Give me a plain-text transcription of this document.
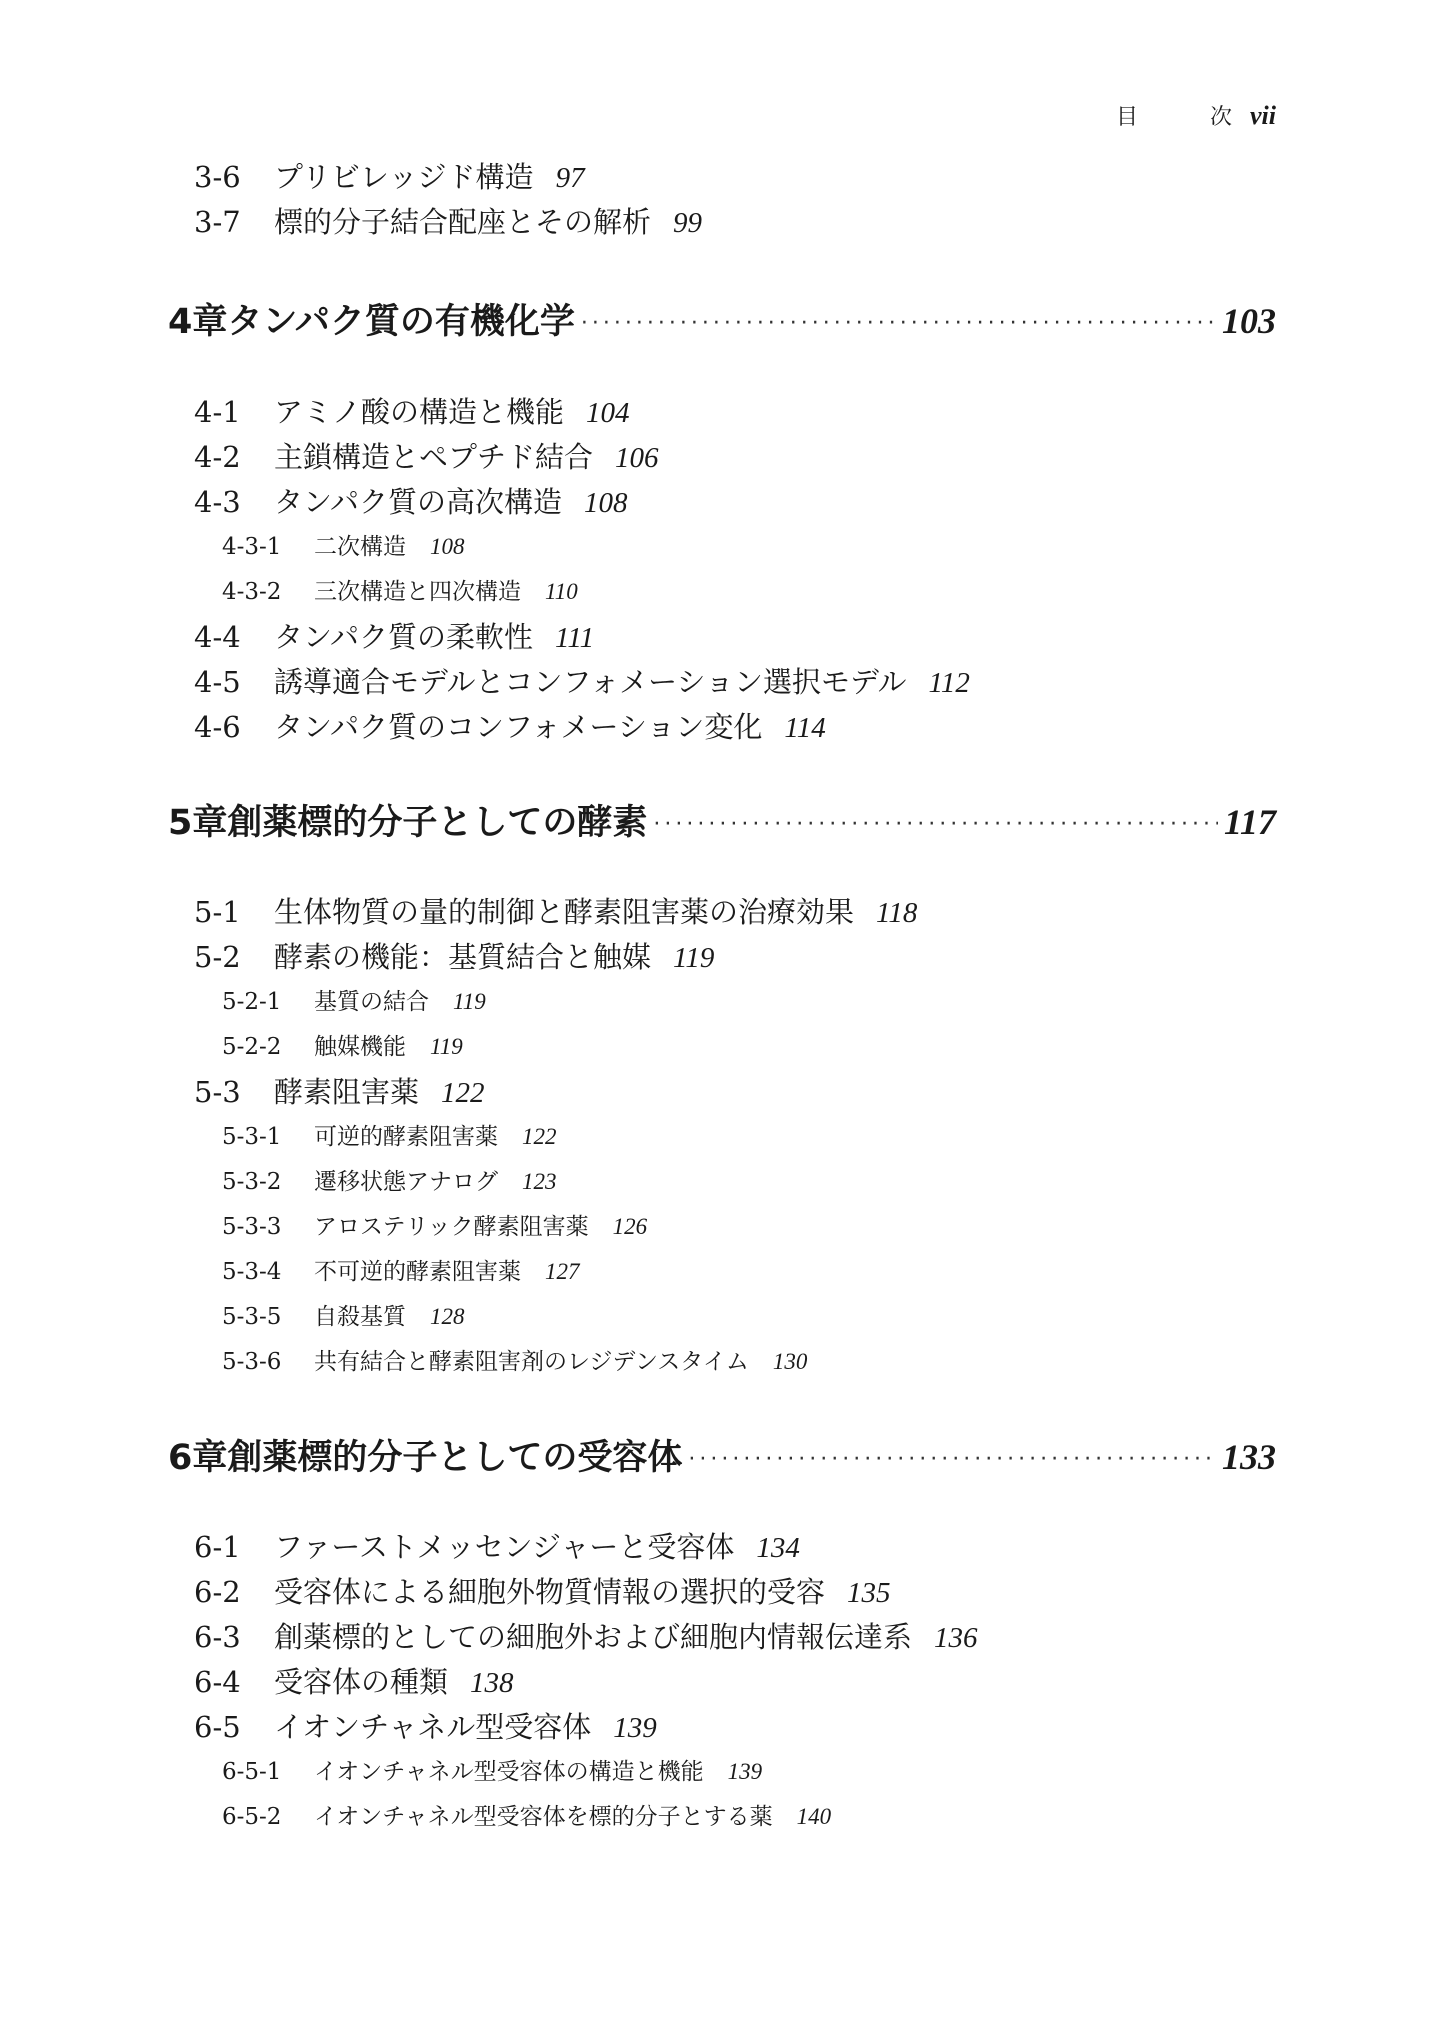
目	次 vii
3-6	プリビレッジド構造 97
3-7	標的分子結合配座とその解析 99
4章 タンパク質の有機化学 ·····	103
4-1	アミノ酸の構造と機能 104
4-2	主鎖構造とペプチド結合 106
4-3	タンパク質の高次構造 108
4-3-1	二次構造 108
4-3-2	三次構造と四次構造 110
4-4	タンパク質の柔軟性 111
4-5	誘導適合モデルとコンフォメーション選択モデル 112
4-6	タンパク質のコンフォメーション変化 114
5章 創薬標的分子としての酵素 ·····	117
5-1	生体物質の量的制御と酵素阻害薬の治療効果 118
5-2	酵素の機能：基質結合と触媒 119
5-2-1	基質の結合 119
5-2-2	触媒機能 119
5-3	酵素阻害薬 122
5-3-1	可逆的酵素阻害薬 122
5-3-2	遷移状態アナログ 123
5-3-3	アロステリック酵素阻害薬 126
5-3-4	不可逆的酵素阻害薬 127
5-3-5	自殺基質 128
5-3-6	共有結合と酵素阻害剤のレジデンスタイム 130
6章 創薬標的分子としての受容体 ·····	133
6-1	ファーストメッセンジャーと受容体 134
6-2	受容体による細胞外物質情報の選択的受容 135
6-3	創薬標的としての細胞外および細胞内情報伝達系 136
6-4	受容体の種類 138
6-5	イオンチャネル型受容体 139
6-5-1	イオンチャネル型受容体の構造と機能 139
6-5-2	イオンチャネル型受容体を標的分子とする薬 140
